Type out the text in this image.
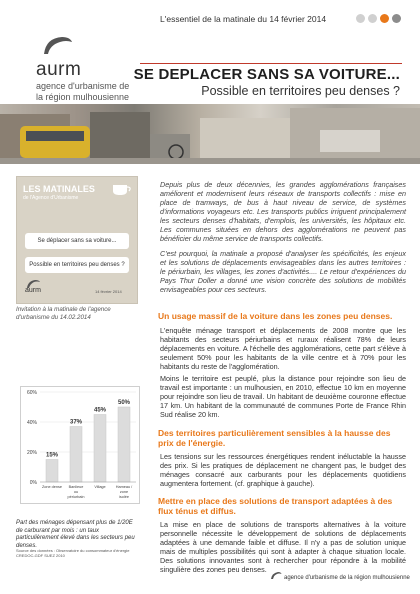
L'essentiel de la matinale du 14 février 2014
aurm
agence d'urbanisme de
la région mulhousienne
SE DEPLACER SANS SA VOITURE...
Possible en territoires peu denses ?
LES MATINALES
de l'Agence d'Urbanisme
Se déplacer sans sa voiture...
Possible en territoires peu denses ?
aurm	14 février 2014
Invitation à la matinale de l'agence d'urbanisme du 14.02.2014
Depuis plus de deux décennies, les grandes agglomérations françaises améliorent et modernisent leurs réseaux de transports collectifs : mise en place de tramways, de bus à haut niveau de service, de systèmes d'informations voyageurs etc. Les transports publics irriguent principalement les secteurs denses d'habitats, d'emplois, les universités, les hôpitaux etc. Les communes situées en dehors des agglomérations ne peuvent pas bénéficier du même service de transports collectifs.
C'est pourquoi, la matinale a proposé d'analyser les spécificités, les enjeux et les solutions de déplacements envisageables dans les autres territoires : le périurbain, les villages, les zones d'activités.... Le retour d'expériences du Pays Thur Doller a donné une vision concrète des solutions de mobilités envisageables pour ces secteurs.
Un usage massif de la voiture dans les zones peu denses.
L'enquête ménage transport et déplacements de 2008 montre que les habitants des secteurs périurbains et ruraux réalisent 78% de leurs déplacements en voiture. A l'échelle des agglomérations, cette part s'élève à seulement 50% pour les habitants de la ville centre et à 70% pour les habitants du reste de l'agglomération.
Moins le territoire est peuplé, plus la distance pour rejoindre son lieu de travail est importante : un mulhousien, en 2010, effectue 10 km en moyenne pour rejoindre son lieu de travail. Un habitant de deuxième couronne effectue 17 km. Un habitant de la communauté de communes Porte de France Rhin Sud réalise 20 km.
Des territoires particulièrement sensibles à la hausse des prix de l'énergie.
Les tensions sur les ressources énergétiques rendent inéluctable la hausse des prix. Si les pratiques de déplacement ne changent pas, le budget des ménages consacré aux carburants pour les déplacements quotidiens augmentera fortement. (cf. graphique à gauche).
Mettre en place des solutions de transport adaptées à des flux ténus et diffus.
La mise en place de solutions de transports alternatives à la voiture personnelle nécessite le développement de solutions de déplacements adaptées à une demande faible et diffuse. Il n'y a pas de solution unique mais de multiples possibilités qui sont à adapter à chaque situation locale. Des solutions innovantes sont à rechercher pour répondre à la mobilité singulière des zones peu denses.
0%
20%
40%
60%
15%
Zone dense
37%
Banlieue
ou
périurbain
45%
Village
50%
Hameau /
zone
isolée
Part des ménages dépensant plus de 1/20E de carburant par mois : un taux particulièrement élevé dans les secteurs peu denses.
Source des données : Observatoire du consommateur d'énergie CREDOC-GDF SUEZ 2010
agence d'urbanisme de la région mulhousienne
